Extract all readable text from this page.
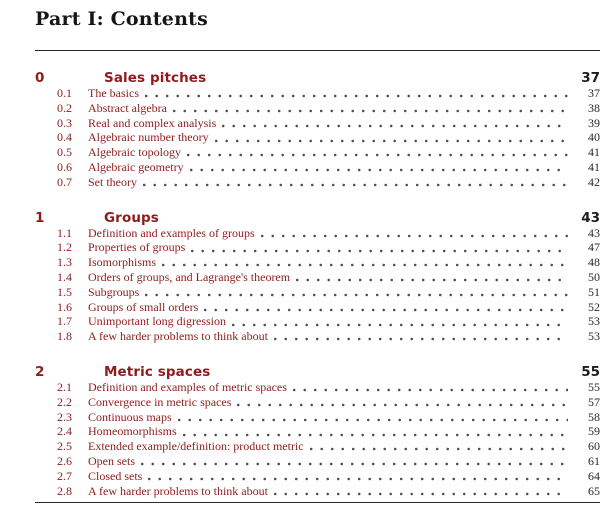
Part I: Contents
0	Sales pitches	37
0.1	The basics	37
0.2	Abstract algebra	38
0.3	Real and complex analysis	39
0.4	Algebraic number theory	40
0.5	Algebraic topology	41
0.6	Algebraic geometry	41
0.7	Set theory	42
1	Groups	43
1.1	Definition and examples of groups	43
1.2	Properties of groups	47
1.3	Isomorphisms	48
1.4	Orders of groups, and Lagrange's theorem	50
1.5	Subgroups	51
1.6	Groups of small orders	52
1.7	Unimportant long digression	53
1.8	A few harder problems to think about	53
2	Metric spaces	55
2.1	Definition and examples of metric spaces	55
2.2	Convergence in metric spaces	57
2.3	Continuous maps	58
2.4	Homeomorphisms	59
2.5	Extended example/definition: product metric	60
2.6	Open sets	61
2.7	Closed sets	64
2.8	A few harder problems to think about	65
